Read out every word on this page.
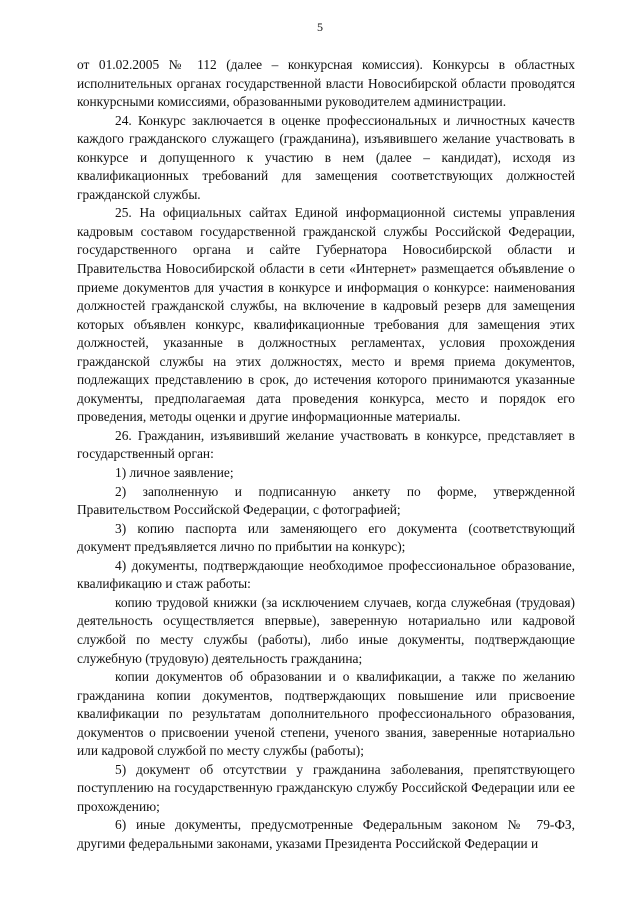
5

от 01.02.2005 № 112 (далее – конкурсная комиссия). Конкурсы в областных исполнительных органах государственной власти Новосибирской области проводятся конкурсными комиссиями, образованными руководителем администрации.

24. Конкурс заключается в оценке профессиональных и личностных качеств каждого гражданского служащего (гражданина), изъявившего желание участвовать в конкурсе и допущенного к участию в нем (далее – кандидат), исходя из квалификационных требований для замещения соответствующих должностей гражданской службы.

25. На официальных сайтах Единой информационной системы управления кадровым составом государственной гражданской службы Российской Федерации, государственного органа и сайте Губернатора Новосибирской области и Правительства Новосибирской области в сети «Интернет» размещается объявление о приеме документов для участия в конкурсе и информация о конкурсе: наименования должностей гражданской службы, на включение в кадровый резерв для замещения которых объявлен конкурс, квалификационные требования для замещения этих должностей, указанные в должностных регламентах, условия прохождения гражданской службы на этих должностях, место и время приема документов, подлежащих представлению в срок, до истечения которого принимаются указанные документы, предполагаемая дата проведения конкурса, место и порядок его проведения, методы оценки и другие информационные материалы.

26. Гражданин, изъявивший желание участвовать в конкурсе, представляет в государственный орган:

1) личное заявление;

2) заполненную и подписанную анкету по форме, утвержденной Правительством Российской Федерации, с фотографией;

3) копию паспорта или заменяющего его документа (соответствующий документ предъявляется лично по прибытии на конкурс);

4) документы, подтверждающие необходимое профессиональное образование, квалификацию и стаж работы:

копию трудовой книжки (за исключением случаев, когда служебная (трудовая) деятельность осуществляется впервые), заверенную нотариально или кадровой службой по месту службы (работы), либо иные документы, подтверждающие служебную (трудовую) деятельность гражданина;

копии документов об образовании и о квалификации, а также по желанию гражданина копии документов, подтверждающих повышение или присвоение квалификации по результатам дополнительного профессионального образования, документов о присвоении ученой степени, ученого звания, заверенные нотариально или кадровой службой по месту службы (работы);

5) документ об отсутствии у гражданина заболевания, препятствующего поступлению на государственную гражданскую службу Российской Федерации или ее прохождению;

6) иные документы, предусмотренные Федеральным законом № 79-ФЗ, другими федеральными законами, указами Президента Российской Федерации и
